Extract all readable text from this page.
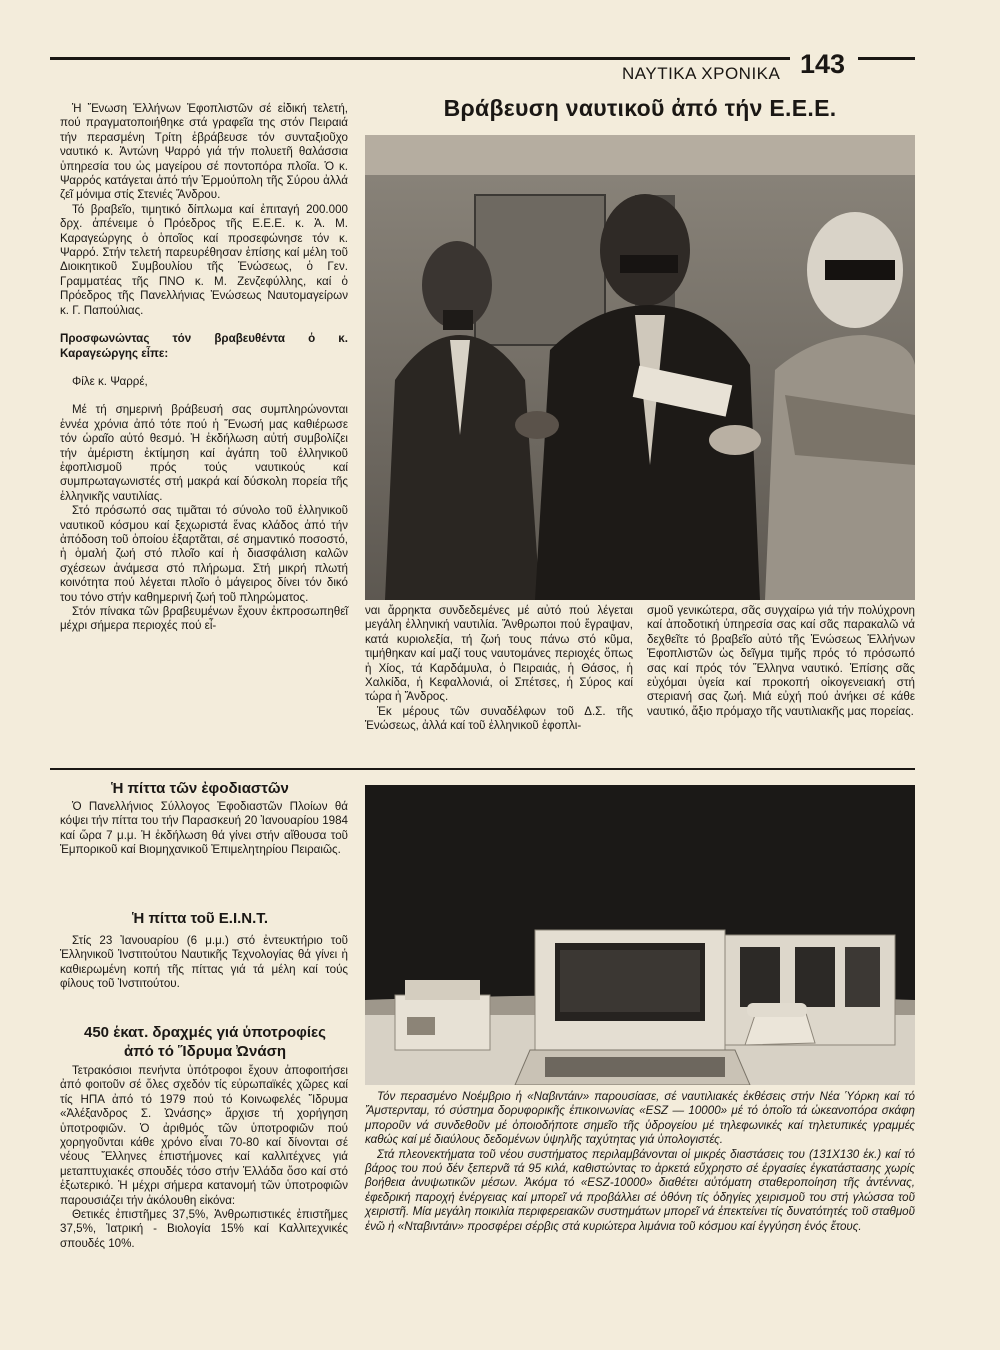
ΝΑΥΤΙΚΑ ΧΡΟΝΙΚΑ 143
Βράβευση ναυτικοῦ ἀπό τήν Ε.Ε.Ε.

Ἡ Ἕνωση Ἑλλήνων Ἐφοπλιστῶν σέ εἰδική τελετή, πού πραγματοποιήθηκε στά γραφεῖα της στόν Πειραιά τήν περασμένη Τρίτη ἐβράβευσε τόν συνταξιοῦχο ναυτικό κ. Ἀντώνη Ψαρρό γιά τήν πολυετῆ θαλάσσια ὑπηρεσία του ὡς μαγείρου σέ ποντοπόρα πλοῖα. Ὁ κ. Ψαρρός κατάγεται ἀπό τήν Ἑρμούπολη τῆς Σύρου ἀλλά ζεῖ μόνιμα στίς Στενιές Ἄνδρου.

Τό βραβεῖο, τιμητικό δίπλωμα καί ἐπιταγή 200.000 δρχ. ἀπένειμε ὁ Πρόεδρος τῆς Ε.Ε.Ε. κ. Ἀ. Μ. Καραγεώργης ὁ ὁποῖος καί προσεφώνησε τόν κ. Ψαρρό. Στήν τελετή παρευρέθησαν ἐπίσης καί μέλη τοῦ Διοικητικοῦ Συμβουλίου τῆς Ἑνώσεως, ὁ Γεν. Γραμματέας τῆς ΠΝΟ κ. Μ. Ζενζεφύλλης, καί ὁ Πρόεδρος τῆς Πανελλήνιας Ἑνώσεως Ναυτομαγείρων κ. Γ. Παπούλιας.

Προσφωνώντας τόν βραβευθέντα ὁ κ. Καραγεώργης εἶπε:

Φίλε κ. Ψαρρέ,

Μέ τή σημερινή βράβευσή σας συμπληρώνονται ἐννέα χρόνια ἀπό τότε πού ἡ Ἕνωσή μας καθιέρωσε τόν ὡραῖο αὐτό θεσμό. Ἡ ἐκδήλωση αὐτή συμβολίζει τήν ἀμέριστη ἐκτίμηση καί ἀγάπη τοῦ ἑλληνικοῦ ἐφοπλισμοῦ πρός τούς ναυτικούς καί συμπρωταγωνιστές στή μακρά καί δύσκολη πορεία τῆς ἑλληνικῆς ναυτιλίας.

Στό πρόσωπό σας τιμᾶται τό σύνολο τοῦ ἑλληνικοῦ ναυτικοῦ κόσμου καί ξεχωριστά ἕνας κλάδος ἀπό τήν ἀπόδοση τοῦ ὁποίου ἐξαρτᾶται, σέ σημαντικό ποσοστό, ἡ ὁμαλή ζωή στό πλοῖο καί ἡ διασφάλιση καλῶν σχέσεων ἀνάμεσα στό πλήρωμα. Στή μικρή πλωτή κοινότητα πού λέγεται πλοῖο ὁ μάγειρος δίνει τόν δικό του τόνο στήν καθημερινή ζωή τοῦ πληρώματος.

Στόν πίνακα τῶν βραβευμένων ἔχουν ἐκπροσωπηθεῖ μέχρι σήμερα περιοχές πού εἶ-

ναι ἄρρηκτα συνδεδεμένες μέ αὐτό πού λέγεται μεγάλη ἑλληνική ναυτιλία. Ἄνθρωποι πού ἔγραψαν, κατά κυριολεξία, τή ζωή τους πάνω στό κῦμα, τιμήθηκαν καί μαζί τους ναυτομάνες περιοχές ὅπως ἡ Χίος, τά Καρδάμυλα, ὁ Πειραιάς, ἡ Θάσος, ἡ Χαλκίδα, ἡ Κεφαλλονιά, οἱ Σπέτσες, ἡ Σύρος καί τώρα ἡ Ἄνδρος.

Ἐκ μέρους τῶν συναδέλφων τοῦ Δ.Σ. τῆς Ἑνώσεως, ἀλλά καί τοῦ ἑλληνικοῦ ἐφοπλι-

σμοῦ γενικώτερα, σᾶς συγχαίρω γιά τήν πολύχρονη καί ἀποδοτική ὑπηρεσία σας καί σᾶς παρακαλῶ νά δεχθεῖτε τό βραβεῖο αὐτό τῆς Ἑνώσεως Ἑλλήνων Ἐφοπλιστῶν ὡς δεῖγμα τιμῆς πρός τό πρόσωπό σας καί πρός τόν Ἕλληνα ναυτικό. Ἐπίσης σᾶς εὐχόμαι ὑγεία καί προκοπή οἰκογενειακή στή στεριανή σας ζωή. Μιά εὐχή πού ἀνήκει σέ κάθε ναυτικό, ἄξιο πρόμαχο τῆς ναυτιλιακῆς μας πορείας.

Ἡ πίττα τῶν ἐφοδιαστῶν

Ὁ Πανελλήνιος Σύλλογος Ἐφοδιαστῶν Πλοίων θά κόψει τήν πίττα του τήν Παρασκευή 20 Ἰανουαρίου 1984 καί ὥρα 7 μ.μ. Ἡ ἐκδήλωση θά γίνει στήν αἴθουσα τοῦ Ἐμπορικοῦ καί Βιομηχανικοῦ Ἐπιμελητηρίου Πειραιῶς.

Ἡ πίττα τοῦ Ε.Ι.Ν.Τ.

Στίς 23 Ἰανουαρίου (6 μ.μ.) στό ἐντευκτήριο τοῦ Ἑλληνικοῦ Ἰνστιτούτου Ναυτικῆς Τεχνολογίας θά γίνει ἡ καθιερωμένη κοπή τῆς πίττας γιά τά μέλη καί τούς φίλους τοῦ Ἰνστιτούτου.

450 ἑκατ. δραχμές γιά ὑποτροφίες
ἀπό τό Ἵδρυμα Ὠνάση

Τετρακόσιοι πενήντα ὑπότροφοι ἔχουν ἀποφοιτήσει ἀπό φοιτοῦν σέ ὅλες σχεδόν τίς εὐρωπαϊκές χῶρες καί τίς ΗΠΑ ἀπό τό 1979 πού τό Κοινωφελές Ἵδρυμα «Ἀλέξανδρος Σ. Ὠνάσης» ἄρχισε τή χορήγηση ὑποτροφιῶν. Ὁ ἀριθμός τῶν ὑποτροφιῶν πού χορηγοῦνται κάθε χρόνο εἶναι 70-80 καί δίνονται σέ νέους Ἕλληνες ἐπιστήμονες καί καλλιτέχνες γιά μεταπτυχιακές σπουδές τόσο στήν Ἑλλάδα ὅσο καί στό ἐξωτερικό. Ἡ μέχρι σήμερα κατανομή τῶν ὑποτροφιῶν παρουσιάζει τήν ἀκόλουθη εἰκόνα:

Θετικές ἐπιστῆμες 37,5%, Ἀνθρωπιστικές ἐπιστῆμες 37,5%, Ἰατρική - Βιολογία 15% καί Καλλιτεχνικές σπουδές 10%.

Τόν περασμένο Νοέμβριο ἡ «Ναβιντάιν» παρουσίασε, σέ ναυτιλιακές ἐκθέσεις στήν Νέα Ὑόρκη καί τό Ἄμστερνταμ, τό σύστημα δορυφορικῆς ἐπικοινωνίας «ESZ — 10000» μέ τό ὁποῖο τά ὠκεανοπόρα σκάφη μποροῦν νά συνδεθοῦν μέ ὁποιοδήποτε σημεῖο τῆς ὑδρογείου μέ τηλεφωνικές καί τηλετυπικές γραμμές καθώς καί μέ διαύλους δεδομένων ὑψηλῆς ταχύτητας γιά ὑπολογιστές.

Στά πλεονεκτήματα τοῦ νέου συστήματος περιλαμβάνονται οἱ μικρές διαστάσεις του (131Χ130 ἑκ.) καί τό βάρος του πού δέν ξεπερνᾶ τά 95 κιλά, καθιστώντας το ἀρκετά εὔχρηστο σέ ἐργασίες ἐγκατάστασης χωρίς βοήθεια ἀνυψωτικῶν μέσων. Ἀκόμα τό «ESZ-10000» διαθέτει αὐτόματη σταθεροποίηση τῆς ἀντέννας, ἐφεδρική παροχή ἐνέργειας καί μπορεῖ νά προβάλλει σέ ὀθόνη τίς ὁδηγίες χειρισμοῦ του στή γλώσσα τοῦ χειριστῆ. Μία μεγάλη ποικιλία περιφερειακῶν συστημάτων μπορεῖ νά ἐπεκτείνει τίς δυνατότητές τοῦ σταθμοῦ ἐνῶ ἡ «Νταβιντάιν» προσφέρει σέρβις στά κυριώτερα λιμάνια τοῦ κόσμου καί ἐγγύηση ἑνός ἔτους.
